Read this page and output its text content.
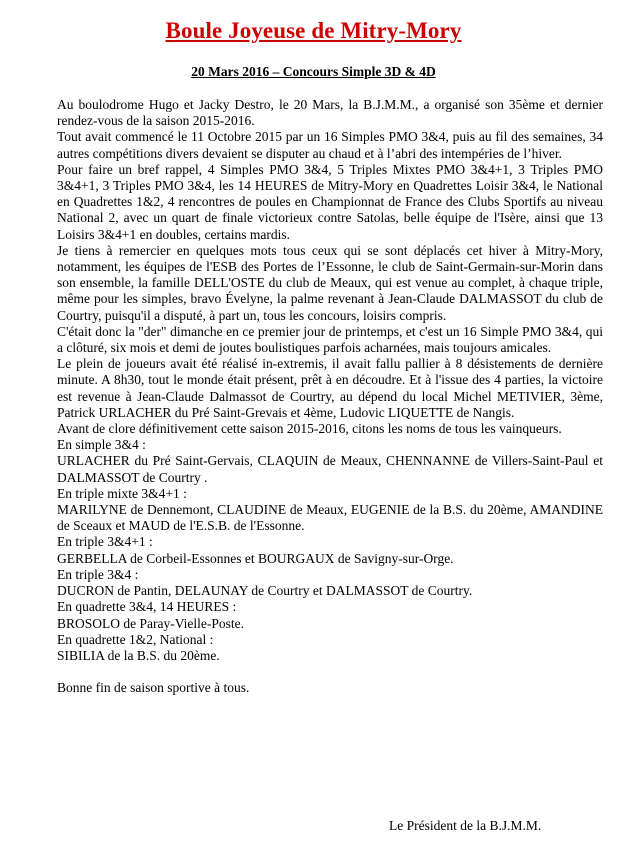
Boule Joyeuse de Mitry-Mory
20 Mars 2016 – Concours Simple 3D & 4D

Au boulodrome Hugo et Jacky Destro, le 20 Mars, la B.J.M.M., a organisé son 35ème et dernier rendez-vous de la saison 2015-2016.

Tout avait commencé le 11 Octobre 2015 par un 16 Simples PMO 3&4, puis au fil des semaines, 34 autres compétitions divers devaient se disputer au chaud et à l’abri des intempéries de l’hiver.

Pour faire un bref rappel, 4 Simples PMO 3&4, 5 Triples Mixtes PMO 3&4+1, 3 Triples PMO 3&4+1, 3 Triples PMO 3&4, les 14 HEURES de Mitry-Mory en Quadrettes Loisir 3&4, le National en Quadrettes 1&2, 4 rencontres de poules en Championnat de France des Clubs Sportifs au niveau National 2, avec un quart de finale victorieux contre Satolas, belle équipe de l'Isère, ainsi que 13 Loisirs 3&4+1 en doubles, certains mardis.

Je tiens à remercier en quelques mots tous ceux qui se sont déplacés cet hiver à Mitry-Mory, notamment, les équipes de l'ESB des Portes de l’Essonne, le club de Saint-Germain-sur-Morin dans son ensemble, la famille DELL'OSTE du club de Meaux, qui est venue au complet, à chaque triple, même pour les simples, bravo Évelyne, la palme revenant à Jean-Claude DALMASSOT du club de Courtry, puisqu'il a disputé, à part un, tous les concours, loisirs compris.

C'était donc la "der" dimanche en ce premier jour de printemps, et c'est un 16 Simple PMO 3&4, qui a clôturé, six mois et demi de joutes boulistiques parfois acharnées, mais toujours amicales.

Le plein de joueurs avait été réalisé in-extremis, il avait fallu pallier à 8 désistements de dernière minute. A 8h30, tout le monde était présent, prêt à en découdre. Et à l'issue des 4 parties, la victoire est revenue à Jean-Claude Dalmassot de Courtry, au dépend du local Michel METIVIER, 3ème, Patrick URLACHER du Pré Saint-Grevais et 4ème, Ludovic LIQUETTE de Nangis.

Avant de clore définitivement cette saison 2015-2016, citons les noms de tous les vainqueurs.

En simple 3&4 :

URLACHER du Pré Saint-Gervais, CLAQUIN de Meaux, CHENNANNE de Villers-Saint-Paul et DALMASSOT de Courtry .

En triple mixte 3&4+1 :

MARILYNE de Dennemont, CLAUDINE de Meaux, EUGENIE de la B.S. du 20ème, AMANDINE de Sceaux et MAUD de l'E.S.B. de l'Essonne.

En triple 3&4+1 :

GERBELLA de Corbeil-Essonnes et BOURGAUX de Savigny-sur-Orge.

En triple 3&4 :

DUCRON de Pantin, DELAUNAY de Courtry et DALMASSOT de Courtry.

En quadrette 3&4, 14 HEURES :

BROSOLO de Paray-Vielle-Poste.

En quadrette 1&2, National :

SIBILIA de la B.S. du 20ème.

Bonne fin de saison sportive à tous.

Le Président de la B.J.M.M.
